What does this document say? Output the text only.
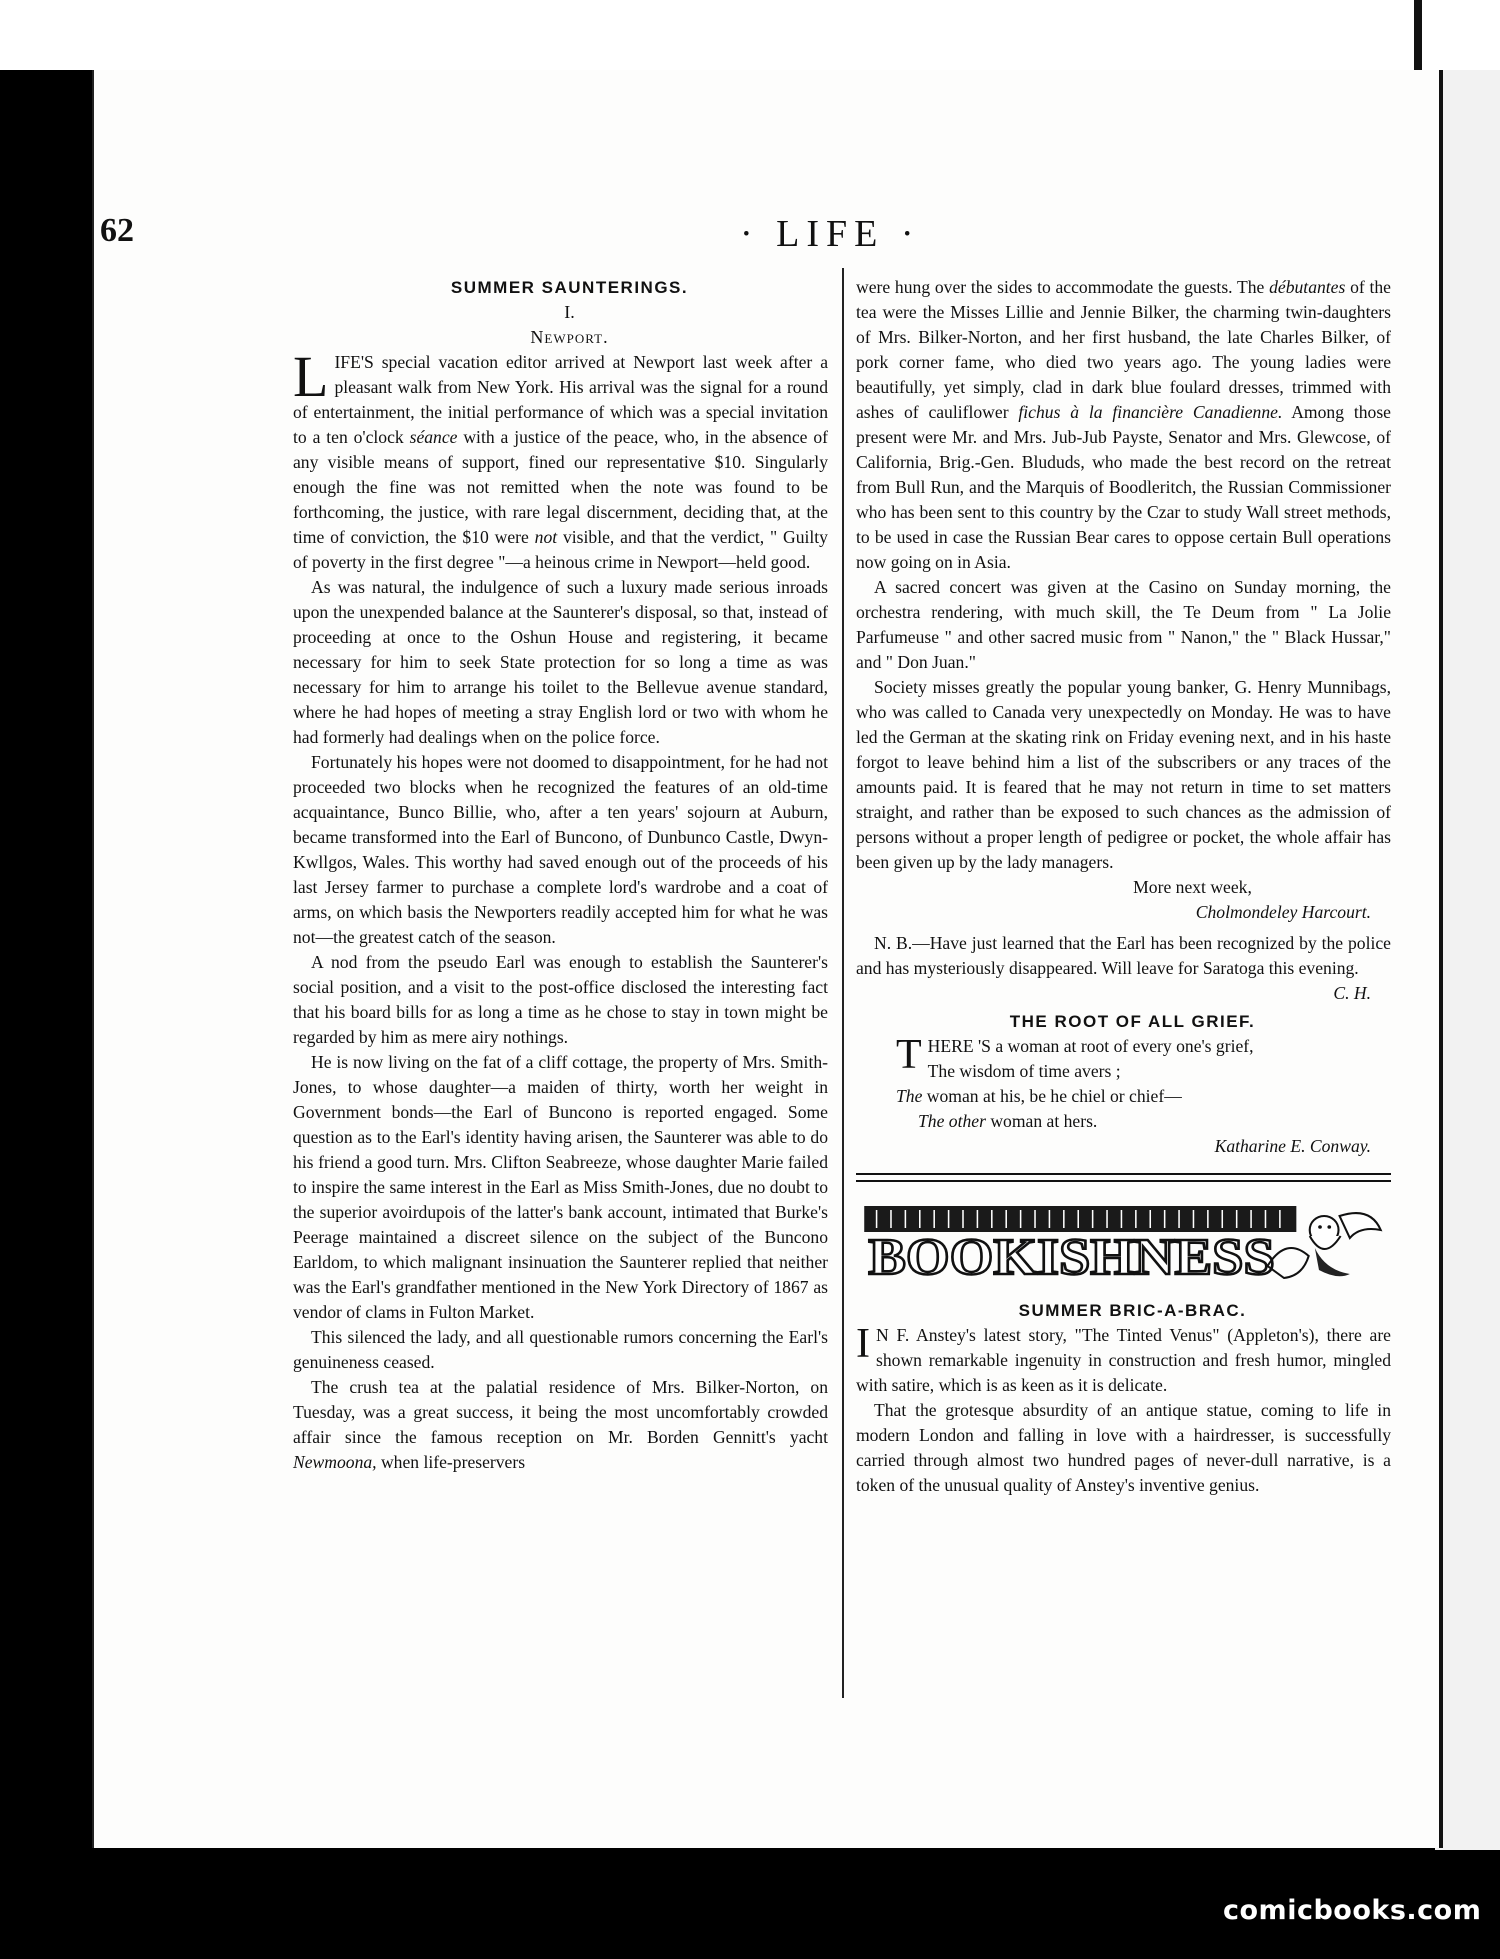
62	· LIFE ·

SUMMER SAUNTERINGS.

I.

Newport.

LIFE'S special vacation editor arrived at Newport last week after a pleasant walk from New York. His arrival was the signal for a round of entertainment, the initial performance of which was a special invitation to a ten o'clock séance with a justice of the peace, who, in the absence of any visible means of support, fined our representative $10. Singularly enough the fine was not remitted when the note was found to be forthcoming, the justice, with rare legal discernment, deciding that, at the time of conviction, the $10 were not visible, and that the verdict, " Guilty of poverty in the first degree "—a heinous crime in Newport—held good.

As was natural, the indulgence of such a luxury made serious inroads upon the unexpended balance at the Saunterer's disposal, so that, instead of proceeding at once to the Oshun House and registering, it became necessary for him to seek State protection for so long a time as was necessary for him to arrange his toilet to the Bellevue avenue standard, where he had hopes of meeting a stray English lord or two with whom he had formerly had dealings when on the police force.

Fortunately his hopes were not doomed to disappointment, for he had not proceeded two blocks when he recognized the features of an old-time acquaintance, Bunco Billie, who, after a ten years' sojourn at Auburn, became transformed into the Earl of Buncono, of Dunbunco Castle, Dwyn-Kwllgos, Wales. This worthy had saved enough out of the proceeds of his last Jersey farmer to purchase a complete lord's wardrobe and a coat of arms, on which basis the Newporters readily accepted him for what he was not—the greatest catch of the season.

A nod from the pseudo Earl was enough to establish the Saunterer's social position, and a visit to the post-office disclosed the interesting fact that his board bills for as long a time as he chose to stay in town might be regarded by him as mere airy nothings.

He is now living on the fat of a cliff cottage, the property of Mrs. Smith-Jones, to whose daughter—a maiden of thirty, worth her weight in Government bonds—the Earl of Buncono is reported engaged. Some question as to the Earl's identity having arisen, the Saunterer was able to do his friend a good turn. Mrs. Clifton Seabreeze, whose daughter Marie failed to inspire the same interest in the Earl as Miss Smith-Jones, due no doubt to the superior avoirdupois of the latter's bank account, intimated that Burke's Peerage maintained a discreet silence on the subject of the Buncono Earldom, to which malignant insinuation the Saunterer replied that neither was the Earl's grandfather mentioned in the New York Directory of 1867 as vendor of clams in Fulton Market.

This silenced the lady, and all questionable rumors concerning the Earl's genuineness ceased.

The crush tea at the palatial residence of Mrs. Bilker-Norton, on Tuesday, was a great success, it being the most uncomfortably crowded affair since the famous reception on Mr. Borden Gennitt's yacht Newmoona, when life-preservers

were hung over the sides to accommodate the guests. The débutantes of the tea were the Misses Lillie and Jennie Bilker, the charming twin-daughters of Mrs. Bilker-Norton, and her first husband, the late Charles Bilker, of pork corner fame, who died two years ago. The young ladies were beautifully, yet simply, clad in dark blue foulard dresses, trimmed with ashes of cauliflower fichus à la financière Canadienne. Among those present were Mr. and Mrs. Jub-Jub Payste, Senator and Mrs. Glewcose, of California, Brig.-Gen. Blududs, who made the best record on the retreat from Bull Run, and the Marquis of Boodleritch, the Russian Commissioner who has been sent to this country by the Czar to study Wall street methods, to be used in case the Russian Bear cares to oppose certain Bull operations now going on in Asia.

A sacred concert was given at the Casino on Sunday morning, the orchestra rendering, with much skill, the Te Deum from " La Jolie Parfumeuse " and other sacred music from " Nanon," the " Black Hussar," and " Don Juan."

Society misses greatly the popular young banker, G. Henry Munnibags, who was called to Canada very unexpectedly on Monday. He was to have led the German at the skating rink on Friday evening next, and in his haste forgot to leave behind him a list of the subscribers or any traces of the amounts paid. It is feared that he may not return in time to set matters straight, and rather than be exposed to such chances as the admission of persons without a proper length of pedigree or pocket, the whole affair has been given up by the lady managers.

More next week,

Cholmondeley Harcourt.

N. B.—Have just learned that the Earl has been recognized by the police and has mysteriously disappeared. Will leave for Saratoga this evening.
C. H.

THE ROOT OF ALL GRIEF.

THERE 'S a woman at root of every one's grief,

The wisdom of time avers ;

The woman at his, be he chiel or chief—

The other woman at hers.

Katharine E. Conway.

BOOKISHNESS

SUMMER BRIC-A-BRAC.

I N F. Anstey's latest story, "The Tinted Venus" (Appleton's), there are shown remarkable ingenuity in construction and fresh humor, mingled with satire, which is as keen as it is delicate.

That the grotesque absurdity of an antique statue, coming to life in modern London and falling in love with a hairdresser, is successfully carried through almost two hundred pages of never-dull narrative, is a token of the unusual quality of Anstey's inventive genius.

comicbooks.com
